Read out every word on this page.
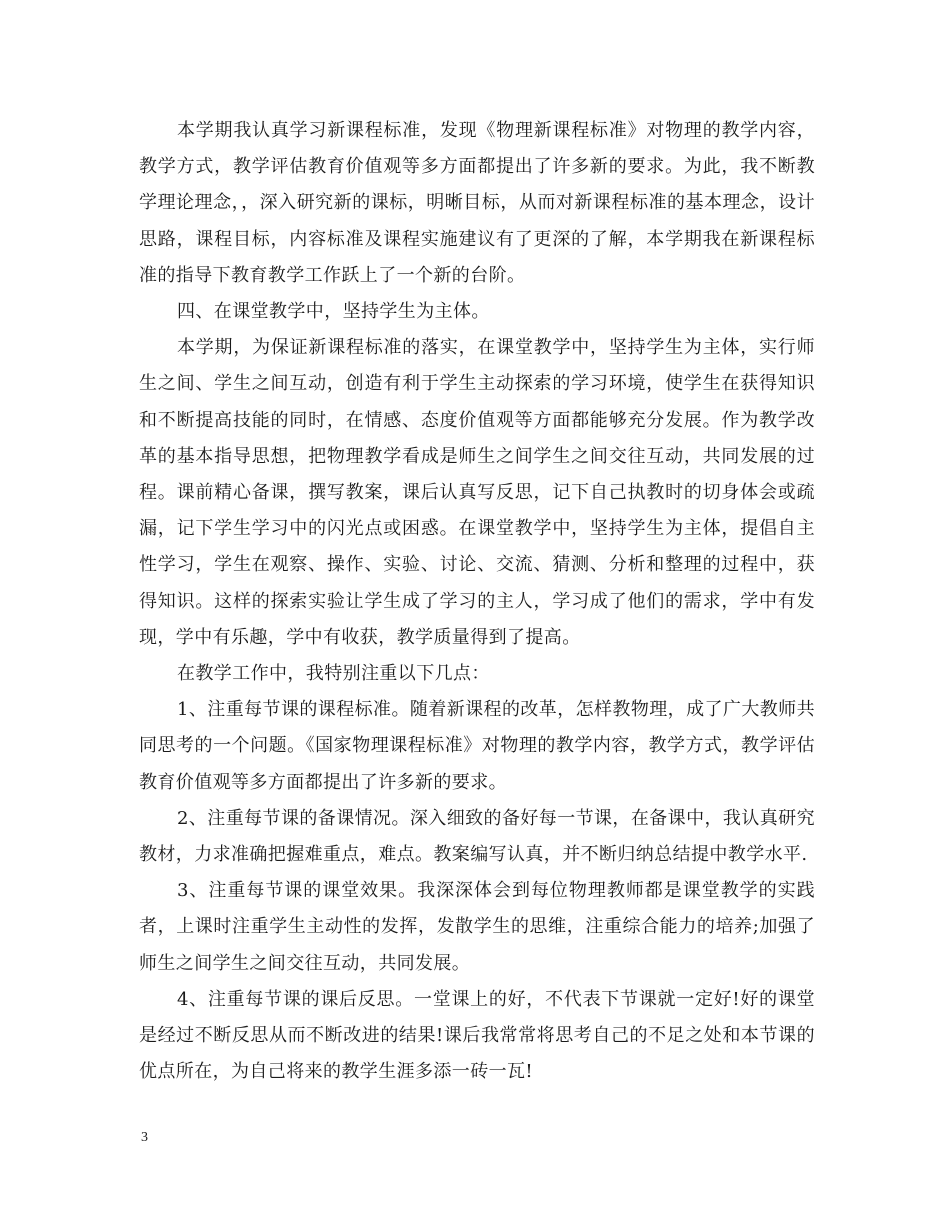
本学期我认真学习新课程标准，发现《物理新课程标准》对物理的教学内容，教学方式，教学评估教育价值观等多方面都提出了许多新的要求。为此，我不断教学理论理念，，深入研究新的课标，明晰目标，从而对新课程标准的基本理念，设计思路，课程目标，内容标准及课程实施建议有了更深的了解，本学期我在新课程标准的指导下教育教学工作跃上了一个新的台阶。

四、在课堂教学中，坚持学生为主体。

本学期，为保证新课程标准的落实，在课堂教学中，坚持学生为主体，实行师生之间、学生之间互动，创造有利于学生主动探索的学习环境，使学生在获得知识和不断提高技能的同时，在情感、态度价值观等方面都能够充分发展。作为教学改革的基本指导思想，把物理教学看成是师生之间学生之间交往互动，共同发展的过程。课前精心备课，撰写教案，课后认真写反思，记下自己执教时的切身体会或疏漏，记下学生学习中的闪光点或困惑。在课堂教学中，坚持学生为主体，提倡自主性学习，学生在观察、操作、实验、讨论、交流、猜测、分析和整理的过程中，获得知识。这样的探索实验让学生成了学习的主人，学习成了他们的需求，学中有发现，学中有乐趣，学中有收获，教学质量得到了提高。

在教学工作中，我特别注重以下几点：

1、注重每节课的课程标准。随着新课程的改革，怎样教物理，成了广大教师共同思考的一个问题。《国家物理课程标准》对物理的教学内容，教学方式，教学评估教育价值观等多方面都提出了许多新的要求。

2、注重每节课的备课情况。深入细致的备好每一节课，在备课中，我认真研究教材，力求准确把握难重点，难点。教案编写认真，并不断归纳总结提中教学水平.

3、注重每节课的课堂效果。我深深体会到每位物理教师都是课堂教学的实践者，上课时注重学生主动性的发挥，发散学生的思维，注重综合能力的培养;加强了师生之间学生之间交往互动，共同发展。

4、注重每节课的课后反思。一堂课上的好，不代表下节课就一定好!好的课堂是经过不断反思从而不断改进的结果!课后我常常将思考自己的不足之处和本节课的优点所在，为自己将来的教学生涯多添一砖一瓦!

3
